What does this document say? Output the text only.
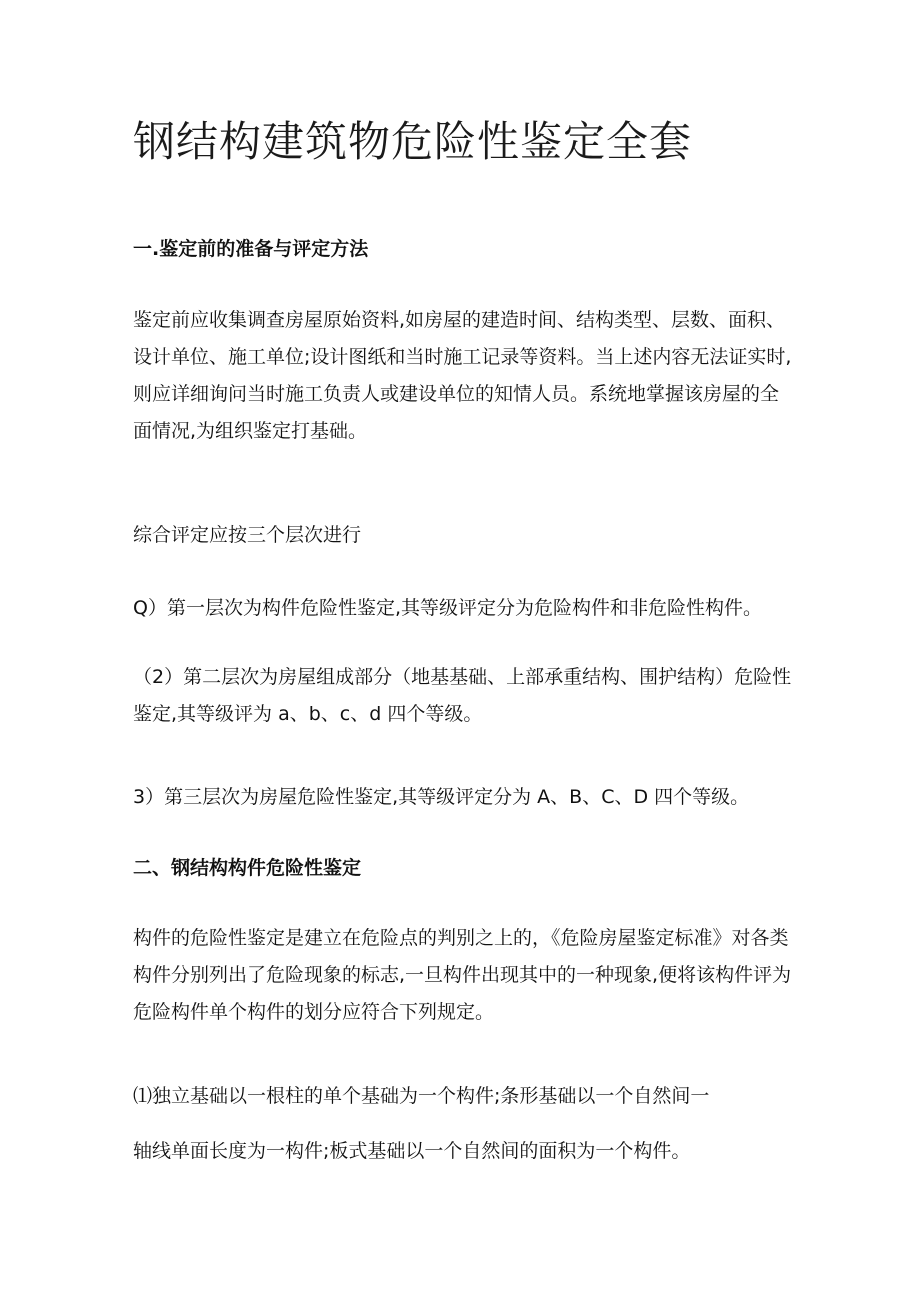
钢结构建筑物危险性鉴定全套
一.鉴定前的准备与评定方法

鉴定前应收集调查房屋原始资料,如房屋的建造时间、结构类型、层数、面积、设计单位、施工单位;设计图纸和当时施工记录等资料。当上述内容无法证实时,则应详细询问当时施工负责人或建设单位的知情人员。系统地掌握该房屋的全面情况,为组织鉴定打基础。

综合评定应按三个层次进行

Q）第一层次为构件危险性鉴定,其等级评定分为危险构件和非危险性构件。

（2）第二层次为房屋组成部分（地基基础、上部承重结构、围护结构）危险性鉴定,其等级评为 a、b、c、d 四个等级。

3）第三层次为房屋危险性鉴定,其等级评定分为 A、B、C、D 四个等级。

二、钢结构构件危险性鉴定

构件的危险性鉴定是建立在危险点的判别之上的，《危险房屋鉴定标准》对各类构件分别列出了危险现象的标志,一旦构件出现其中的一种现象,便将该构件评为危险构件单个构件的划分应符合下列规定。

⑴独立基础以一根柱的单个基础为一个构件;条形基础以一个自然间一

轴线单面长度为一构件;板式基础以一个自然间的面积为一个构件。
